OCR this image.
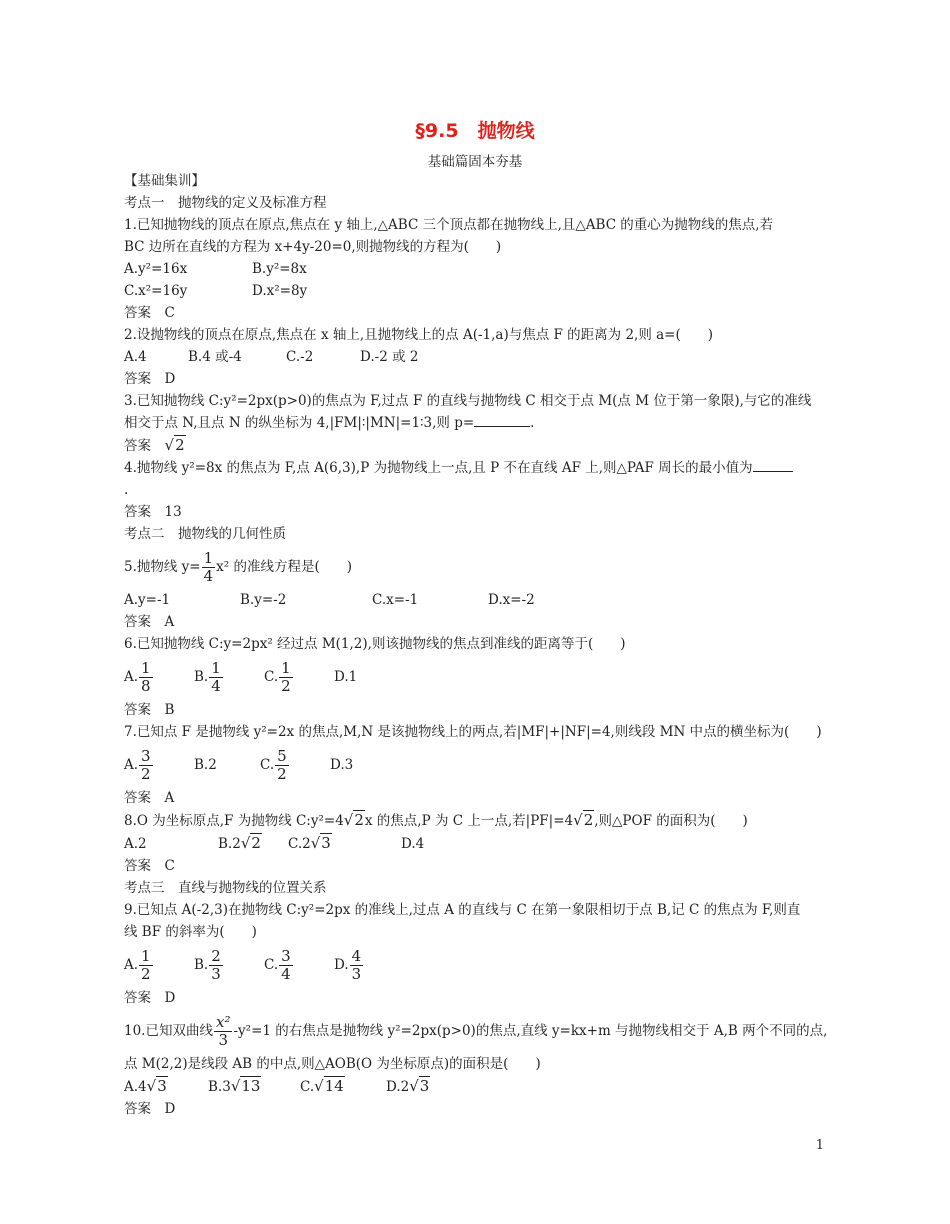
§9.5　抛物线
基础篇固本夯基
【基础集训】
考点一　抛物线的定义及标准方程
1.已知抛物线的顶点在原点,焦点在 y 轴上,△ABC 三个顶点都在抛物线上,且△ABC 的重心为抛物线的焦点,若
BC 边所在直线的方程为 x+4y-20=0,则抛物线的方程为(　　)
A.y²=16x	B.y²=8x
C.x²=16y	D.x²=8y
答案　C
2.设抛物线的顶点在原点,焦点在 x 轴上,且抛物线上的点 A(-1,a)与焦点 F 的距离为 2,则 a=(　　)
A.4	B.4 或-4	C.-2	D.-2 或 2
答案　D
3.已知抛物线 C:y²=2px(p>0)的焦点为 F,过点 F 的直线与抛物线 C 相交于点 M(点 M 位于第一象限),与它的准线
相交于点 N,且点 N 的纵坐标为 4,|FM|∶|MN|=1∶3,则 p=	.
答案　 √2
4.抛物线 y²=8x 的焦点为 F,点 A(6,3),P 为抛物线上一点,且 P 不在直线 AF 上,则△PAF 周长的最小值为
.
答案　13
考点二　抛物线的几何性质
5.抛物线 $y= \frac{1}{4} x^2$ 的准线方程是(　　)
A.y=-1	B.y=-2	C.x=-1	D.x=-2
答案　A
6.已知抛物线 C:y=2px² 经过点 M(1,2),则该抛物线的焦点到准线的距离等于(　　)
A. $\frac{1}{8}$	B. $\frac{1}{4}$	C. $\frac{1}{2}$	D.1
答案　B
7.已知点 F 是抛物线 y²=2x 的焦点,M,N 是该抛物线上的两点,若|MF|+|NF|=4,则线段 MN 中点的横坐标为(　　)
A. $\frac{3}{2}$	B.2	C. $\frac{5}{2}$	D.3
答案　A
8.O 为坐标原点,F 为抛物线 C:y²=4√2x 的焦点,P 为 C 上一点,若|PF|=4√2,则△POF 的面积为(　　)
A.2	B.2√2 C.2√3	D.4
答案　C
考点三　直线与抛物线的位置关系
9.已知点 A(-2,3)在抛物线 C:y²=2px 的准线上,过点 A 的直线与 C 在第一象限相切于点 B,记 C 的焦点为 F,则直
线 BF 的斜率为(　　)
A. $\frac{1}{2}$	B. $\frac{2}{3}$	C. $\frac{3}{4}$	D. $\frac{4}{3}$
答案　D
10.已知双曲线 $\frac{\text{x²}}{3} -y^2=1$ 的右焦点是抛物线 y²=2px(p>0)的焦点,直线 y=kx+m 与抛物线相交于 A,B 两个不同的点,
点 M(2,2)是线段 AB 的中点,则△AOB(O 为坐标原点)的面积是(　　)
A.4√3	B.3√13	C.√14	D.2√3
答案　D
1
